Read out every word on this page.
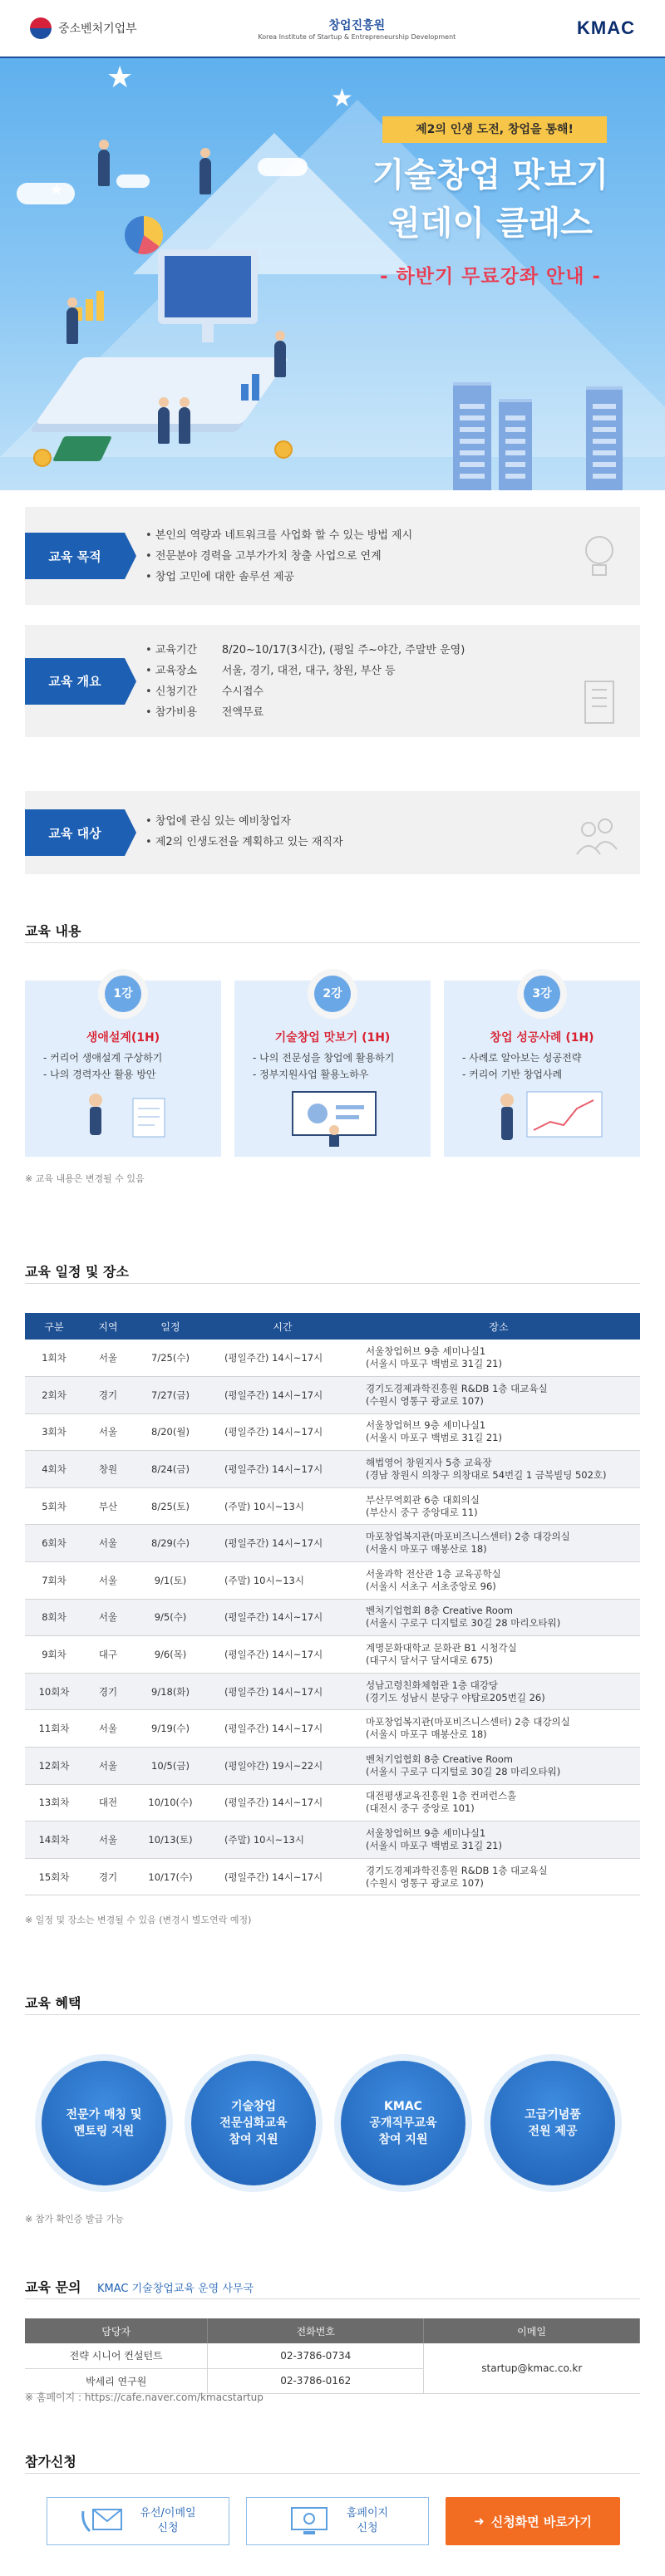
중소벤처기업부	창업진흥원
Korea Institute of Startup & Entrepreneurship Development	KMAC
★
★
★
제2의 인생 도전, 창업을 통해!
기술창업 맛보기
원데이 클래스
- 하반기 무료강좌 안내 -
교육 목적
• 본인의 역량과 네트워크를 사업화 할 수 있는 방법 제시
• 전문분야 경력을 고부가가치 창출 사업으로 연계
• 창업 고민에 대한 솔루션 제공
교육 개요
• 교육기간	8/20~10/17(3시간), (평일 주~야간, 주말반 운영)
• 교육장소	서울, 경기, 대전, 대구, 창원, 부산 등
• 신청기간	수시접수
• 참가비용	전액무료
교육 대상
• 창업에 관심 있는 예비창업자
• 제2의 인생도전을 계획하고 있는 재직자
교육 내용
1강
생애설계(1H)

- 커리어 생애설계 구상하기

- 나의 경력자산 활용 방안

2강
기술창업 맛보기 (1H)

- 나의 전문성을 창업에 활용하기

- 정부지원사업 활용노하우

3강
창업 성공사례 (1H)

- 사례로 알아보는 성공전략

- 커리어 기반 창업사례

※ 교육 내용은 변경될 수 있음
교육 일정 및 장소
구분	지역	일정	시간	장소
1회차	서울	7/25(수)	(평일주간) 14시~17시	서울창업허브 9층 세미나실1
(서울시 마포구 백범로 31길 21)

2회차	경기	7/27(금)	(평일주간) 14시~17시	경기도경제과학진흥원 R&DB 1층 대교육실
(수원시 영통구 광교로 107)

3회차	서울	8/20(월)	(평일주간) 14시~17시	서울창업허브 9층 세미나실1
(서울시 마포구 백범로 31길 21)

4회차	창원	8/24(금)	(평일주간) 14시~17시	해법영어 창원지사 5층 교육장
(경남 창원시 의창구 의창대로 54번길 1 금북빌딩 502호)

5회차	부산	8/25(토)	(주말) 10시~13시	부산무역회관 6층 대회의실
(부산시 중구 중앙대로 11)

6회차	서울	8/29(수)	(평일주간) 14시~17시	마포창업복지관(마포비즈니스센터) 2층 대강의실
(서울시 마포구 매봉산로 18)

7회차	서울	9/1(토)	(주말) 10시~13시	서울과학 전산관 1층 교육공학실
(서울시 서초구 서초중앙로 96)

8회차	서울	9/5(수)	(평일주간) 14시~17시	벤처기업협회 8층 Creative Room
(서울시 구로구 디지털로 30길 28 마리오타워)

9회차	대구	9/6(목)	(평일주간) 14시~17시	계명문화대학교 문화관 B1 시청각실
(대구시 달서구 달서대로 675)

10회차	경기	9/18(화)	(평일주간) 14시~17시	성남고령친화체험관 1층 대강당
(경기도 성남시 분당구 야탑로205번길 26)

11회차	서울	9/19(수)	(평일주간) 14시~17시	마포창업복지관(마포비즈니스센터) 2층 대강의실
(서울시 마포구 매봉산로 18)

12회차	서울	10/5(금)	(평일야간) 19시~22시	벤처기업협회 8층 Creative Room
(서울시 구로구 디지털로 30길 28 마리오타워)

13회차	대전	10/10(수)	(평일주간) 14시~17시	대전평생교육진흥원 1층 컨퍼런스홀
(대전시 중구 중앙로 101)

14회차	서울	10/13(토)	(주말) 10시~13시	서울창업허브 9층 세미나실1
(서울시 마포구 백범로 31길 21)

15회차	경기	10/17(수)	(평일주간) 14시~17시	경기도경제과학진흥원 R&DB 1층 대교육실
(수원시 영통구 광교로 107)
※ 일정 및 장소는 변경될 수 있음 (변경시 별도연락 예정)
교육 혜택
전문가 매칭 및
멘토링 지원
기술창업
전문심화교육
참여 지원
KMAC
공개직무교육
참여 지원
고급기념품
전원 제공
※ 참가 확인증 발급 가능
교육 문의 KMAC 기술창업교육 운영 사무국
담당자	전화번호	이메일
전략 시니어 컨설턴트	02-3786-0734	startup@kmac.co.kr
박세리 연구원	02-3786-0162	
※ 홈페이지 : https://cafe.naver.com/kmacstartup
참가신청
유선/이메일
신청
홈페이지
신청	➜ 신청화면 바로가기
